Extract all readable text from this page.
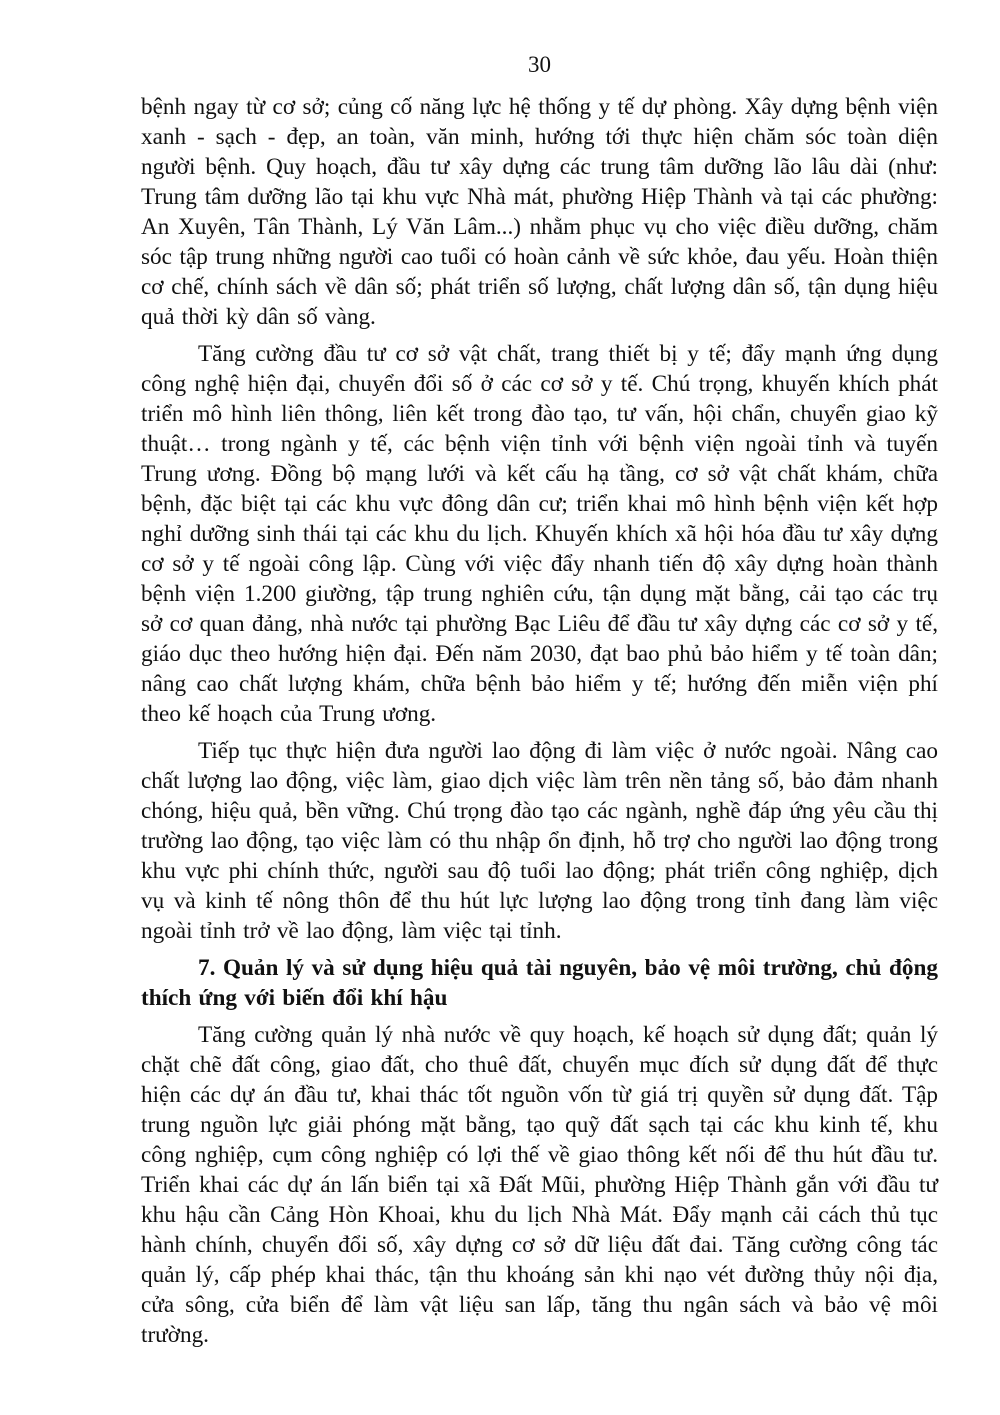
30

bệnh ngay từ cơ sở; củng cố năng lực hệ thống y tế dự phòng. Xây dựng bệnh viện xanh - sạch - đẹp, an toàn, văn minh, hướng tới thực hiện chăm sóc toàn diện người bệnh. Quy hoạch, đầu tư xây dựng các trung tâm dưỡng lão lâu dài (như: Trung tâm dưỡng lão tại khu vực Nhà mát, phường Hiệp Thành và tại các phường: An Xuyên, Tân Thành, Lý Văn Lâm...) nhằm phục vụ cho việc điều dưỡng, chăm sóc tập trung những người cao tuổi có hoàn cảnh về sức khỏe, đau yếu. Hoàn thiện cơ chế, chính sách về dân số; phát triển số lượng, chất lượng dân số, tận dụng hiệu quả thời kỳ dân số vàng.

Tăng cường đầu tư cơ sở vật chất, trang thiết bị y tế; đẩy mạnh ứng dụng công nghệ hiện đại, chuyển đổi số ở các cơ sở y tế. Chú trọng, khuyến khích phát triển mô hình liên thông, liên kết trong đào tạo, tư vấn, hội chẩn, chuyển giao kỹ thuật… trong ngành y tế, các bệnh viện tỉnh với bệnh viện ngoài tỉnh và tuyến Trung ương. Đồng bộ mạng lưới và kết cấu hạ tầng, cơ sở vật chất khám, chữa bệnh, đặc biệt tại các khu vực đông dân cư; triển khai mô hình bệnh viện kết hợp nghỉ dưỡng sinh thái tại các khu du lịch. Khuyến khích xã hội hóa đầu tư xây dựng cơ sở y tế ngoài công lập. Cùng với việc đẩy nhanh tiến độ xây dựng hoàn thành bệnh viện 1.200 giường, tập trung nghiên cứu, tận dụng mặt bằng, cải tạo các trụ sở cơ quan đảng, nhà nước tại phường Bạc Liêu để đầu tư xây dựng các cơ sở y tế, giáo dục theo hướng hiện đại. Đến năm 2030, đạt bao phủ bảo hiểm y tế toàn dân; nâng cao chất lượng khám, chữa bệnh bảo hiểm y tế; hướng đến miễn viện phí theo kế hoạch của Trung ương.

Tiếp tục thực hiện đưa người lao động đi làm việc ở nước ngoài. Nâng cao chất lượng lao động, việc làm, giao dịch việc làm trên nền tảng số, bảo đảm nhanh chóng, hiệu quả, bền vững. Chú trọng đào tạo các ngành, nghề đáp ứng yêu cầu thị trường lao động, tạo việc làm có thu nhập ổn định, hỗ trợ cho người lao động trong khu vực phi chính thức, người sau độ tuổi lao động; phát triển công nghiệp, dịch vụ và kinh tế nông thôn để thu hút lực lượng lao động trong tỉnh đang làm việc ngoài tỉnh trở về lao động, làm việc tại tỉnh.

7. Quản lý và sử dụng hiệu quả tài nguyên, bảo vệ môi trường, chủ động thích ứng với biến đổi khí hậu

Tăng cường quản lý nhà nước về quy hoạch, kế hoạch sử dụng đất; quản lý chặt chẽ đất công, giao đất, cho thuê đất, chuyển mục đích sử dụng đất để thực hiện các dự án đầu tư, khai thác tốt nguồn vốn từ giá trị quyền sử dụng đất. Tập trung nguồn lực giải phóng mặt bằng, tạo quỹ đất sạch tại các khu kinh tế, khu công nghiệp, cụm công nghiệp có lợi thế về giao thông kết nối để thu hút đầu tư. Triển khai các dự án lấn biển tại xã Đất Mũi, phường Hiệp Thành gắn với đầu tư khu hậu cần Cảng Hòn Khoai, khu du lịch Nhà Mát. Đẩy mạnh cải cách thủ tục hành chính, chuyển đổi số, xây dựng cơ sở dữ liệu đất đai. Tăng cường công tác quản lý, cấp phép khai thác, tận thu khoáng sản khi nạo vét đường thủy nội địa, cửa sông, cửa biển để làm vật liệu san lấp, tăng thu ngân sách và bảo vệ môi trường.
